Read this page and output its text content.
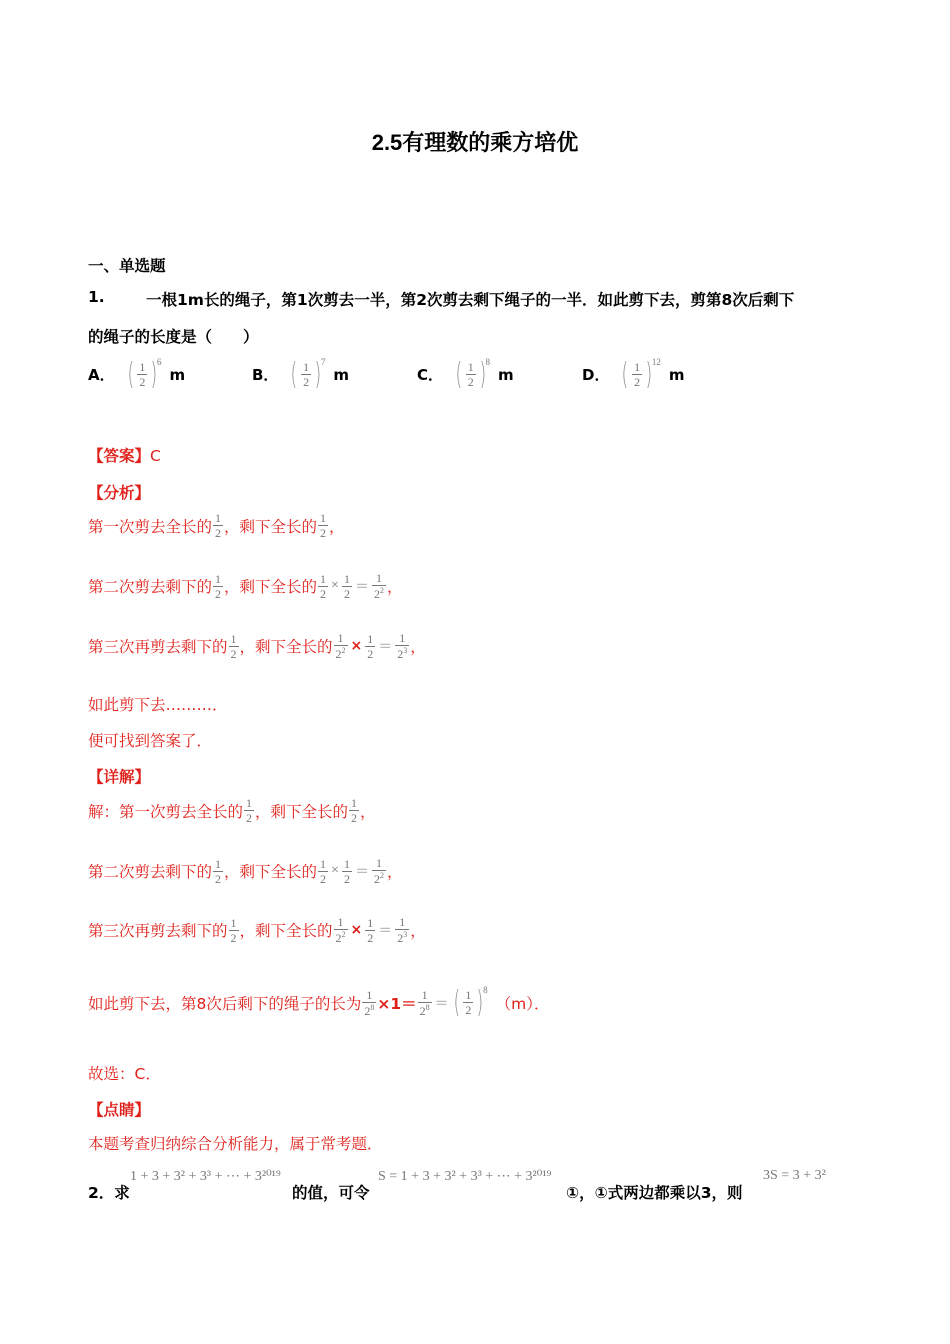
2.5有理数的乘方培优
一、单选题
1.	一根1m长的绳子，第1次剪去一半，第2次剪去剩下绳子的一半．如此剪下去，剪第8次后剩下
的绳子的长度是（　　）
A． ( $\frac{1}{2} )^6$
m	B． ( $\frac{1}{2} )^7$
m	C． ( $\frac{1}{2} )^8$
m	D． ( $\frac{1}{2} )^{12}$
m
【答案】C
【分析】
第一次剪去全长的 $\frac{1}{2}$ ，剩下全长的 $\frac{1}{2}$ ，
第二次剪去剩下的 $\frac{1}{2}$ ，剩下全长的 $\frac{1}{2} \times \frac{1}{2} = \frac{1}{2^2}$ ，
第三次再剪去剩下的 $\frac{1}{2}$ ，剩下全长的 $\frac{1}{2^2} \times \frac{1}{2} = \frac{1}{2^3}$ ，
如此剪下去………．
便可找到答案了．
【详解】
解：第一次剪去全长的 $\frac{1}{2}$ ，剩下全长的 $\frac{1}{2}$ ，
第二次剪去剩下的 $\frac{1}{2}$ ，剩下全长的 $\frac{1}{2} \times \frac{1}{2} = \frac{1}{2^2}$ ，
第三次再剪去剩下的 $\frac{1}{2}$ ，剩下全长的 $\frac{1}{2^2} \times \frac{1}{2} = \frac{1}{2^3}$ ，
如此剪下去，第8次后剩下的绳子的长为 $\frac{1}{2^8} \times 1= \frac{1}{2^8}$ ＝ ( $\frac{1}{2} )^8$
（m）．
故选：C．
【点睛】
本题考查归纳综合分析能力，属于常考题．
2．求
1 + 3 + 3² + 3³ + ⋯ + 3²⁰¹⁹
的值，可令
S = 1 + 3 + 3² + 3³ + ⋯ + 3²⁰¹⁹
①，①式两边都乘以3，则
3S = 3 + 3²
